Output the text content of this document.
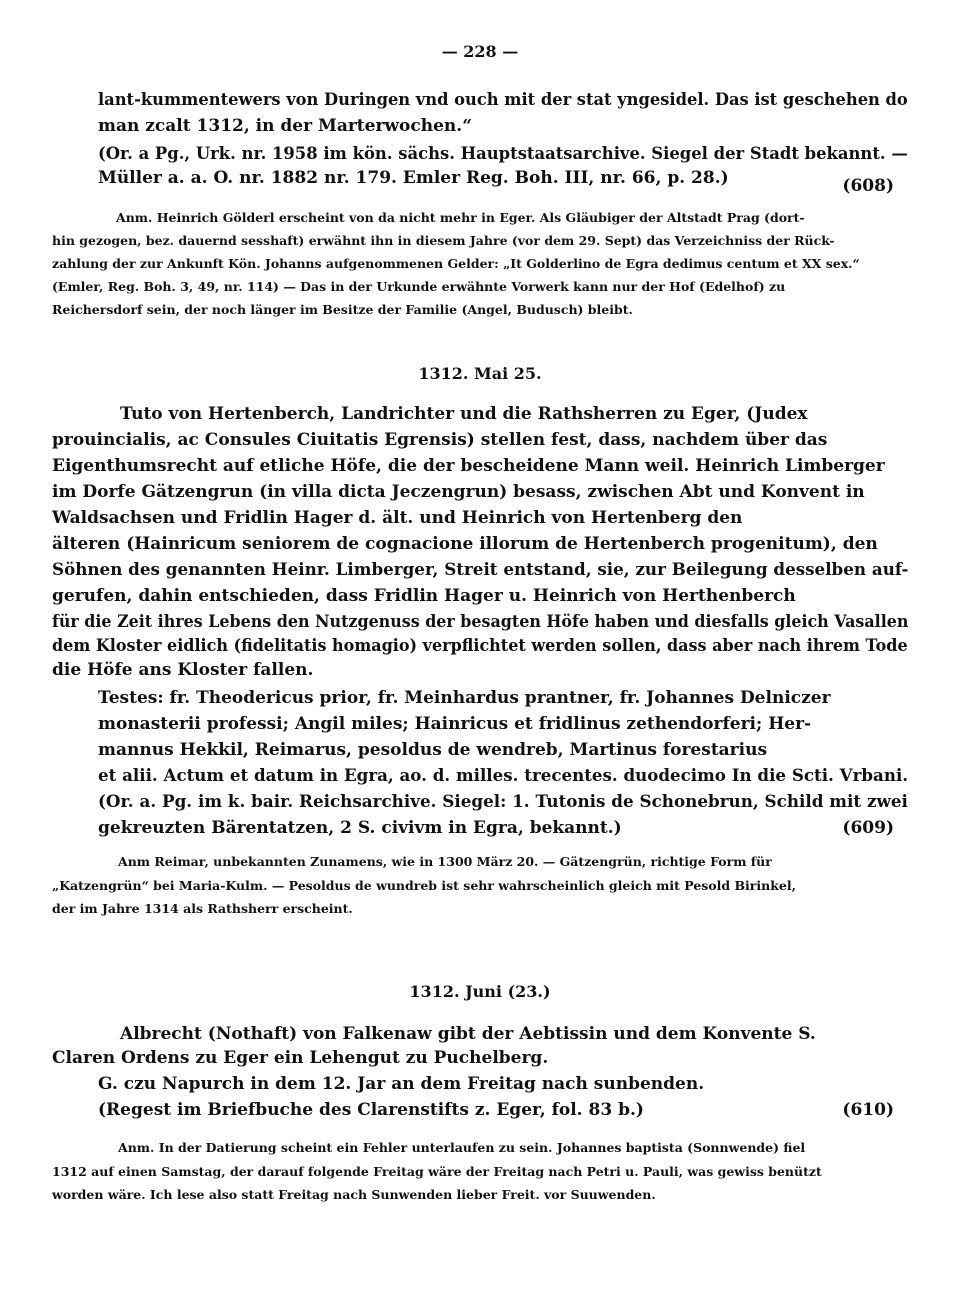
— 228 —
lant-kummentewers von Duringen vnd ouch mit der stat yngesidel. Das ist geschehen do
man zcalt 1312, in der Marterwochen.“
(Or. a Pg., Urk. nr. 1958 im kön. sächs. Hauptstaatsarchive. Siegel der Stadt bekannt. —
Müller a. a. O. nr. 1882 nr. 179. Emler Reg. Boh. III, nr. 66, p. 28.)	(608)
Anm. Heinrich Gölderl erscheint von da nicht mehr in Eger. Als Gläubiger der Altstadt Prag (dort-
hin gezogen, bez. dauernd sesshaft) erwähnt ihn in diesem Jahre (vor dem 29. Sept) das Verzeichniss der Rück-
zahlung der zur Ankunft Kön. Johanns aufgenommenen Gelder: „It Golderlino de Egra dedimus centum et XX sex.“
(Emler, Reg. Boh. 3, 49, nr. 114) — Das in der Urkunde erwähnte Vorwerk kann nur der Hof (Edelhof) zu
Reichersdorf sein, der noch länger im Besitze der Familie (Angel, Budusch) bleibt.
1312. Mai 25.
Tuto von Hertenberch, Landrichter und die Rathsherren zu Eger, (Judex
prouincialis, ac Consules Ciuitatis Egrensis) stellen fest, dass, nachdem über das
Eigenthumsrecht auf etliche Höfe, die der bescheidene Mann weil. Heinrich Limberger
im Dorfe Gätzengrun (in villa dicta Jeczengrun) besass, zwischen Abt und Konvent in
Waldsachsen und Fridlin Hager d. ält. und Heinrich von Hertenberg den
älteren (Hainricum seniorem de cognacione illorum de Hertenberch progenitum), den
Söhnen des genannten Heinr. Limberger, Streit entstand, sie, zur Beilegung desselben auf-
gerufen, dahin entschieden, dass Fridlin Hager u. Heinrich von Herthenberch
für die Zeit ihres Lebens den Nutzgenuss der besagten Höfe haben und diesfalls gleich Vasallen
dem Kloster eidlich (fidelitatis homagio) verpflichtet werden sollen, dass aber nach ihrem Tode
die Höfe ans Kloster fallen.
Testes: fr. Theodericus prior, fr. Meinhardus prantner, fr. Johannes Delniczer
monasterii professi; Angil miles; Hainricus et fridlinus zethendorferi; Her-
mannus Hekkil, Reimarus, pesoldus de wendreb, Martinus forestarius
et alii. Actum et datum in Egra, ao. d. milles. trecentes. duodecimo In die Scti. Vrbani.
(Or. a. Pg. im k. bair. Reichsarchive. Siegel: 1. Tutonis de Schonebrun, Schild mit zwei
gekreuzten Bärentatzen, 2 S. civivm in Egra, bekannt.)	(609)
Anm Reimar, unbekannten Zunamens, wie in 1300 März 20. — Gätzengrün, richtige Form für
„Katzengrün“ bei Maria-Kulm. — Pesoldus de wundreb ist sehr wahrscheinlich gleich mit Pesold Birinkel,
der im Jahre 1314 als Rathsherr erscheint.
1312. Juni (23.)
Albrecht (Nothaft) von Falkenaw gibt der Aebtissin und dem Konvente S.
Claren Ordens zu Eger ein Lehengut zu Puchelberg.
G. czu Napurch in dem 12. Jar an dem Freitag nach sunbenden.
(Regest im Briefbuche des Clarenstifts z. Eger, fol. 83 b.)	(610)
Anm. In der Datierung scheint ein Fehler unterlaufen zu sein. Johannes baptista (Sonnwende) fiel
1312 auf einen Samstag, der darauf folgende Freitag wäre der Freitag nach Petri u. Pauli, was gewiss benützt
worden wäre. Ich lese also statt Freitag nach Sunwenden lieber Freit. vor Suuwenden.
